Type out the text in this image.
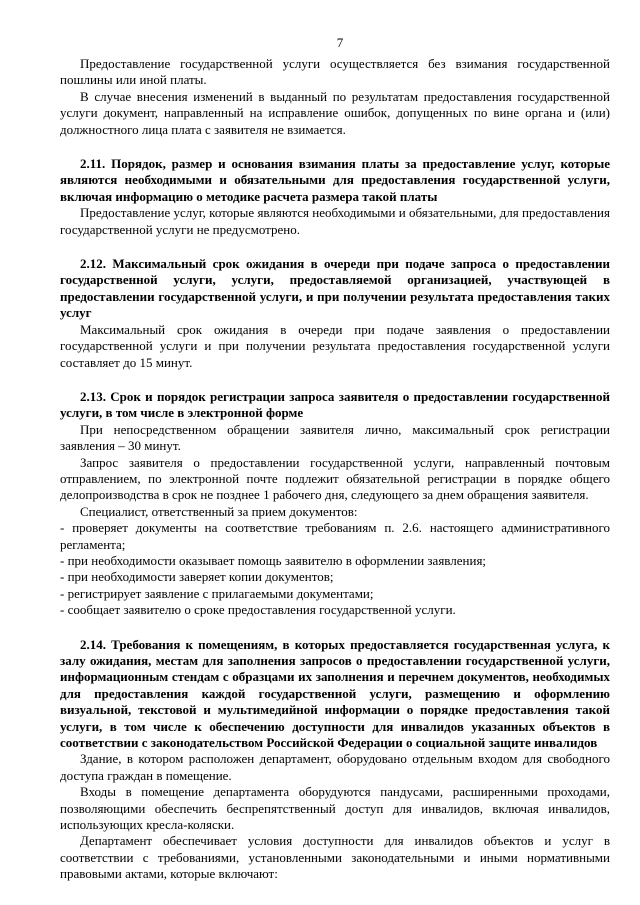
7

Предоставление государственной услуги осуществляется без взимания государственной пошлины или иной платы.

В случае внесения изменений в выданный по результатам предоставления государственной услуги документ, направленный на исправление ошибок, допущенных по вине органа и (или) должностного лица плата с заявителя не взимается.

2.11. Порядок, размер и основания взимания платы за предоставление услуг, которые являются необходимыми и обязательными для предоставления государственной услуги, включая информацию о методике расчета размера такой платы

Предоставление услуг, которые являются необходимыми и обязательными, для предоставления государственной услуги не предусмотрено.

2.12. Максимальный срок ожидания в очереди при подаче запроса о предоставлении государственной услуги, услуги, предоставляемой организацией, участвующей в предоставлении государственной услуги, и при получении результата предоставления таких услуг

Максимальный срок ожидания в очереди при подаче заявления о предоставлении государственной услуги и при получении результата предоставления государственной услуги составляет до 15 минут.

2.13. Срок и порядок регистрации запроса заявителя о предоставлении государственной услуги, в том числе в электронной форме

При непосредственном обращении заявителя лично, максимальный срок регистрации заявления – 30 минут.

Запрос заявителя о предоставлении государственной услуги, направленный почтовым отправлением, по электронной почте подлежит обязательной регистрации в порядке общего делопроизводства в срок не позднее 1 рабочего дня, следующего за днем обращения заявителя.

Специалист, ответственный за прием документов:

- проверяет документы на соответствие требованиям п. 2.6. настоящего административного регламента;

- при необходимости оказывает помощь заявителю в оформлении заявления;

- при необходимости заверяет копии документов;

- регистрирует заявление с прилагаемыми документами;

- сообщает заявителю о сроке предоставления государственной услуги.

2.14. Требования к помещениям, в которых предоставляется государственная услуга, к залу ожидания, местам для заполнения запросов о предоставлении государственной услуги, информационным стендам с образцами их заполнения и перечнем документов, необходимых для предоставления каждой государственной услуги, размещению и оформлению визуальной, текстовой и мультимедийной информации о порядке предоставления такой услуги, в том числе к обеспечению доступности для инвалидов указанных объектов в соответствии с законодательством Российской Федерации о социальной защите инвалидов

Здание, в котором расположен департамент, оборудовано отдельным входом для свободного доступа граждан в помещение.

Входы в помещение департамента оборудуются пандусами, расширенными проходами, позволяющими обеспечить беспрепятственный доступ для инвалидов, включая инвалидов, использующих кресла-коляски.

Департамент обеспечивает условия доступности для инвалидов объектов и услуг в соответствии с требованиями, установленными законодательными и иными нормативными правовыми актами, которые включают:
